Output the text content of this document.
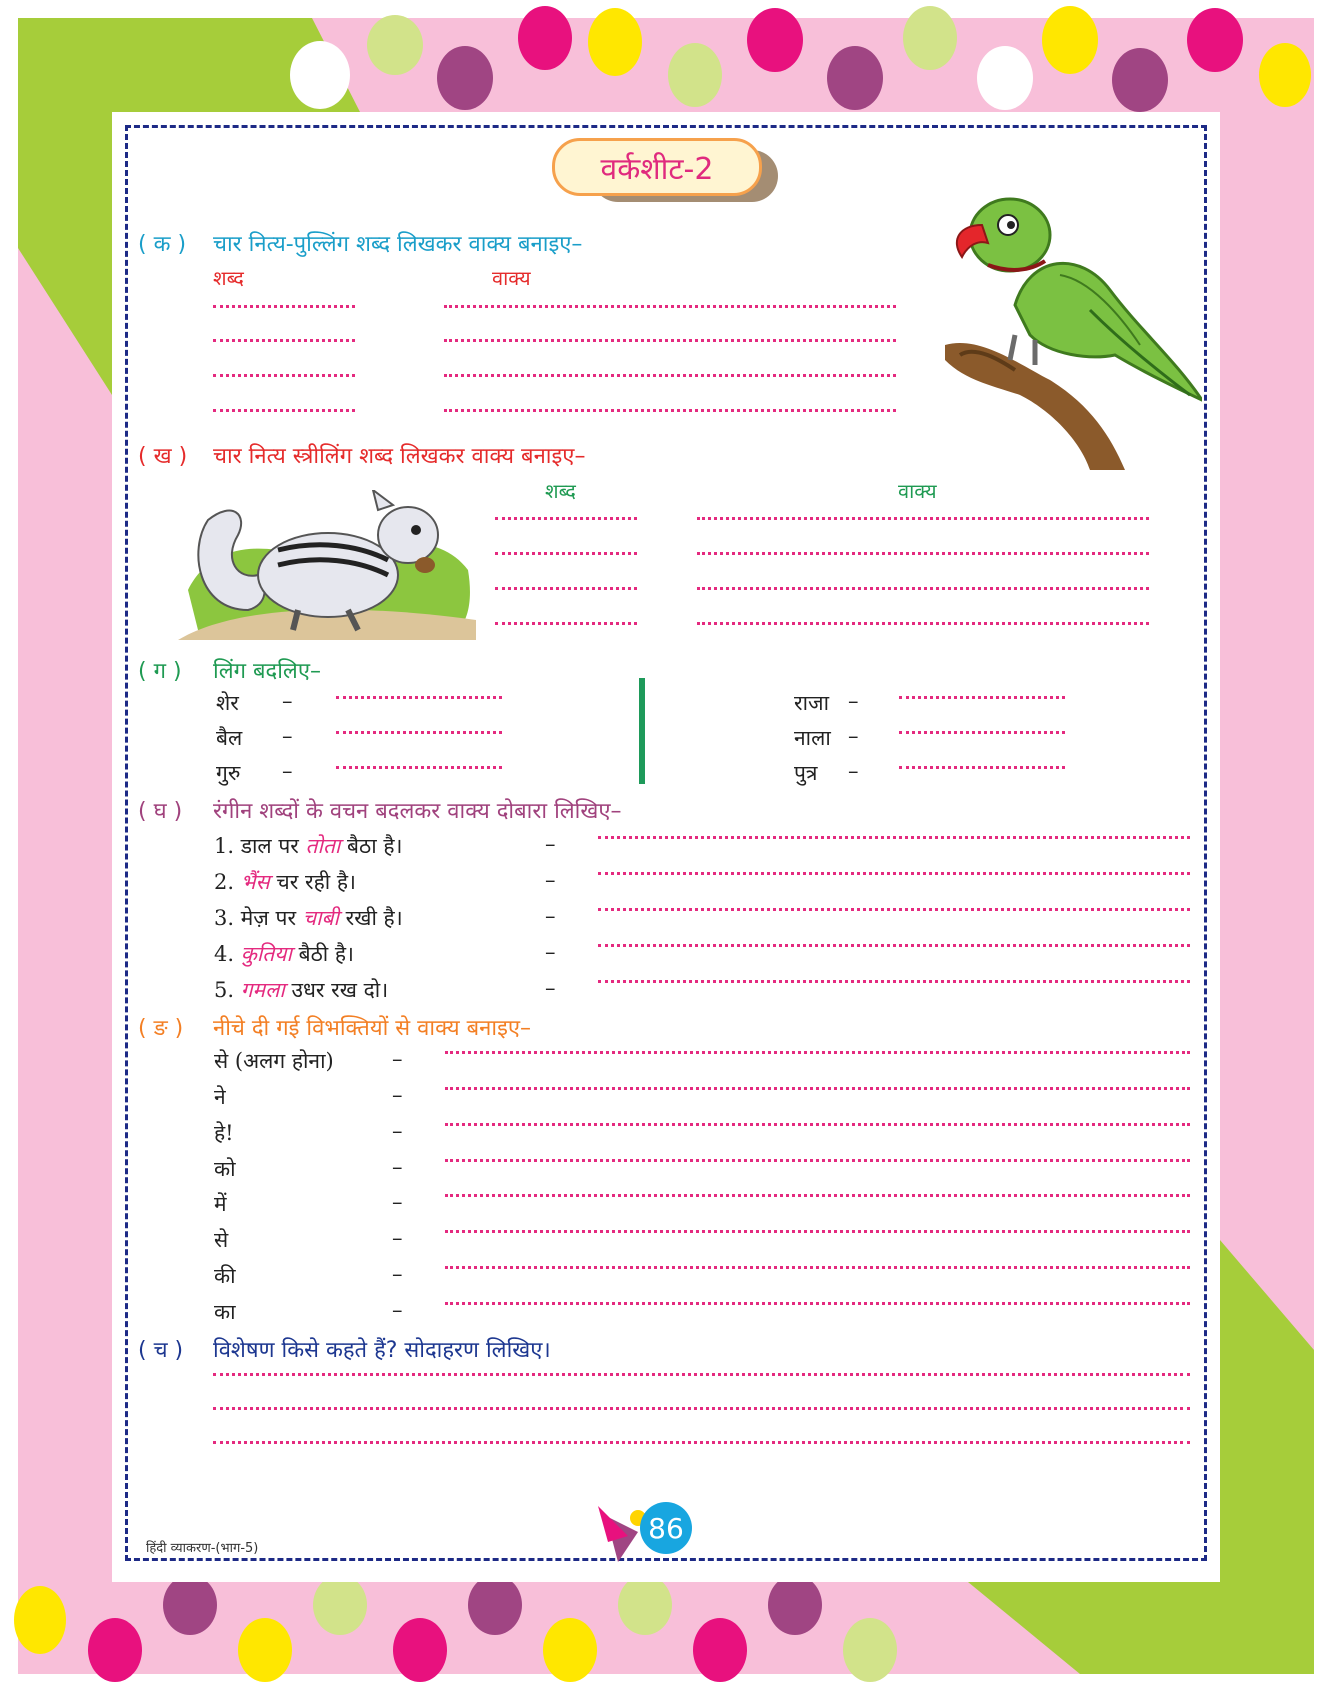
वर्कशीट-2
( क ) चार नित्य-पुल्लिंग शब्द लिखकर वाक्य बनाइए–
शब्द	वाक्य
( ख ) चार नित्य स्त्रीलिंग शब्द लिखकर वाक्य बनाइए–
शब्द	वाक्य
( ग ) लिंग बदलिए–
शेर –
बैल –
गुरु –
राजा –
नाला –
पुत्र –
( घ ) रंगीन शब्दों के वचन बदलकर वाक्य दोबारा लिखिए–
1. डाल पर तोता बैठा है।	–
2. भैंस चर रही है।	–
3. मेज़ पर चाबी रखी है।	–
4. कुतिया बैठी है।	–
5. गमला उधर रख दो।	–
( ङ ) नीचे दी गई विभक्तियों से वाक्य बनाइए–
से (अलग होना)	–
ने	–
हे!	–
को	–
में	–
से	–
की	–
का	–
( च ) विशेषण किसे कहते हैं? सोदाहरण लिखिए।
हिंदी व्याकरण-(भाग-5)
86
